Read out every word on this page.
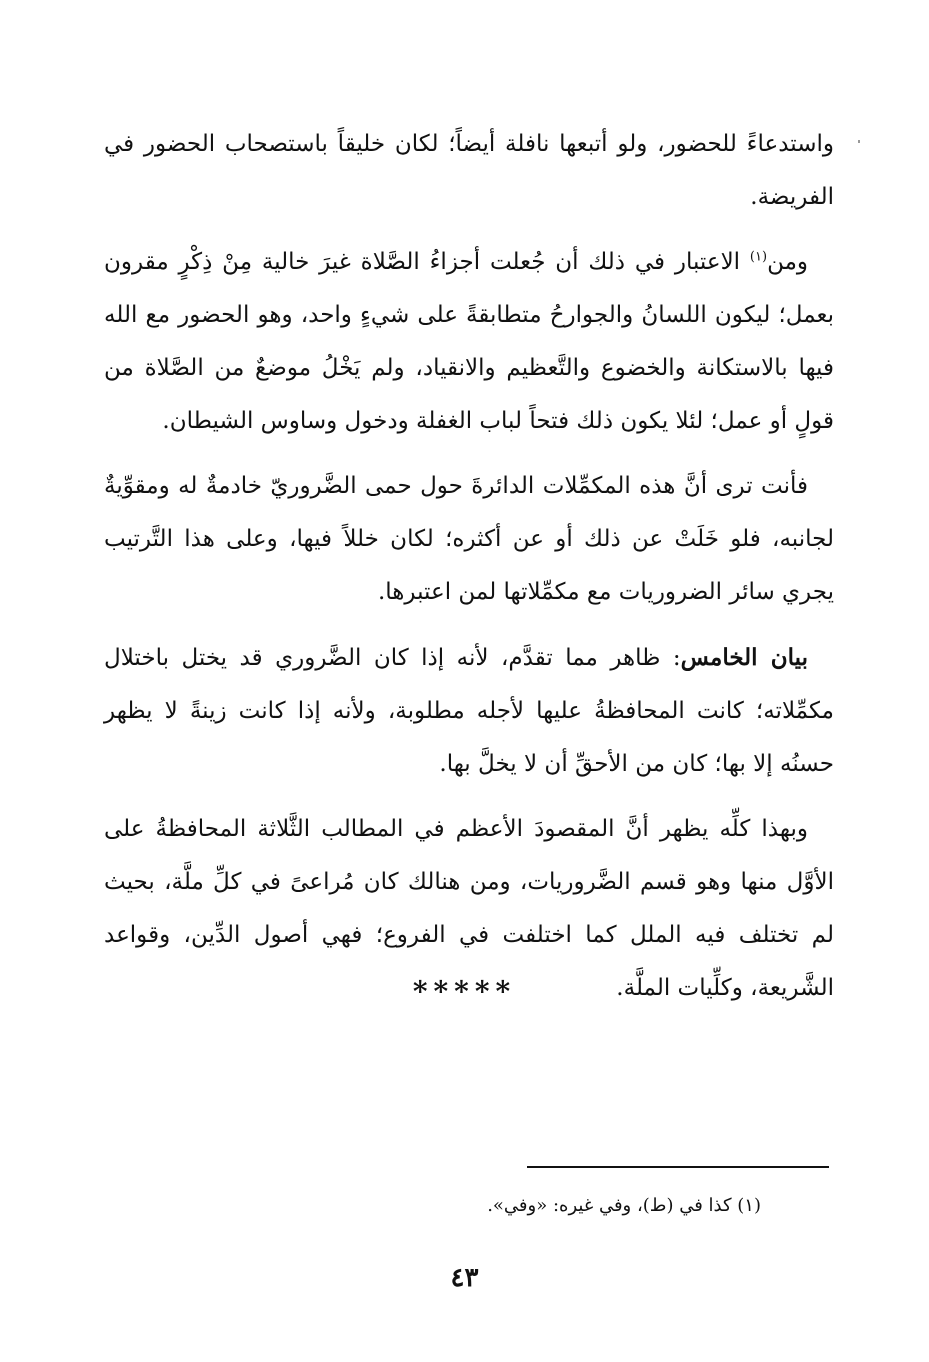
واستدعاءً للحضور، ولو أتبعها نافلة أيضاً؛ لكان خليقاً باستصحاب الحضور في الفريضة.

ومن$^{(١)}$ الاعتبار في ذلك أن جُعلت أجزاءُ الصَّلاة غيرَ خالية مِنْ ذِكْرٍ مقرون بعمل؛ ليكون اللسانُ والجوارحُ متطابقةً على شيءٍ واحد، وهو الحضور مع الله فيها بالاستكانة والخضوع والتَّعظيم والانقياد، ولم يَخْلُ موضعٌ من الصَّلاة من قولٍ أو عمل؛ لئلا يكون ذلك فتحاً لباب الغفلة ودخول وساوس الشيطان.

فأنت ترى أنَّ هذه المكمِّلات الدائرةَ حول حمى الضَّروريّ خادمةٌ له ومقوِّيةٌ لجانبه، فلو خَلَتْ عن ذلك أو عن أكثره؛ لكان خللاً فيها، وعلى هذا التَّرتيب يجري سائر الضروريات مع مكمِّلاتها لمن اعتبرها.

بيان الخامس: ظاهر مما تقدَّم، لأنه إذا كان الضَّروري قد يختل باختلال مكمِّلاته؛ كانت المحافظةُ عليها لأجله مطلوبة، ولأنه إذا كانت زينةً لا يظهر حسنُه إلا بها؛ كان من الأحقِّ أن لا يخلَّ بها.

وبهذا كلِّه يظهر أنَّ المقصودَ الأعظم في المطالب الثَّلاثة المحافظةُ على الأوَّل منها وهو قسم الضَّروريات، ومن هنالك كان مُراعىً في كلِّ ملَّة، بحيث لم تختلف فيه الملل كما اختلفت في الفروع؛ فهي أصول الدِّين، وقواعد الشَّريعة، وكلِّيات الملَّة.

*****
(١) كذا في (ط)، وفي غيره: «وفي».
٤٣
